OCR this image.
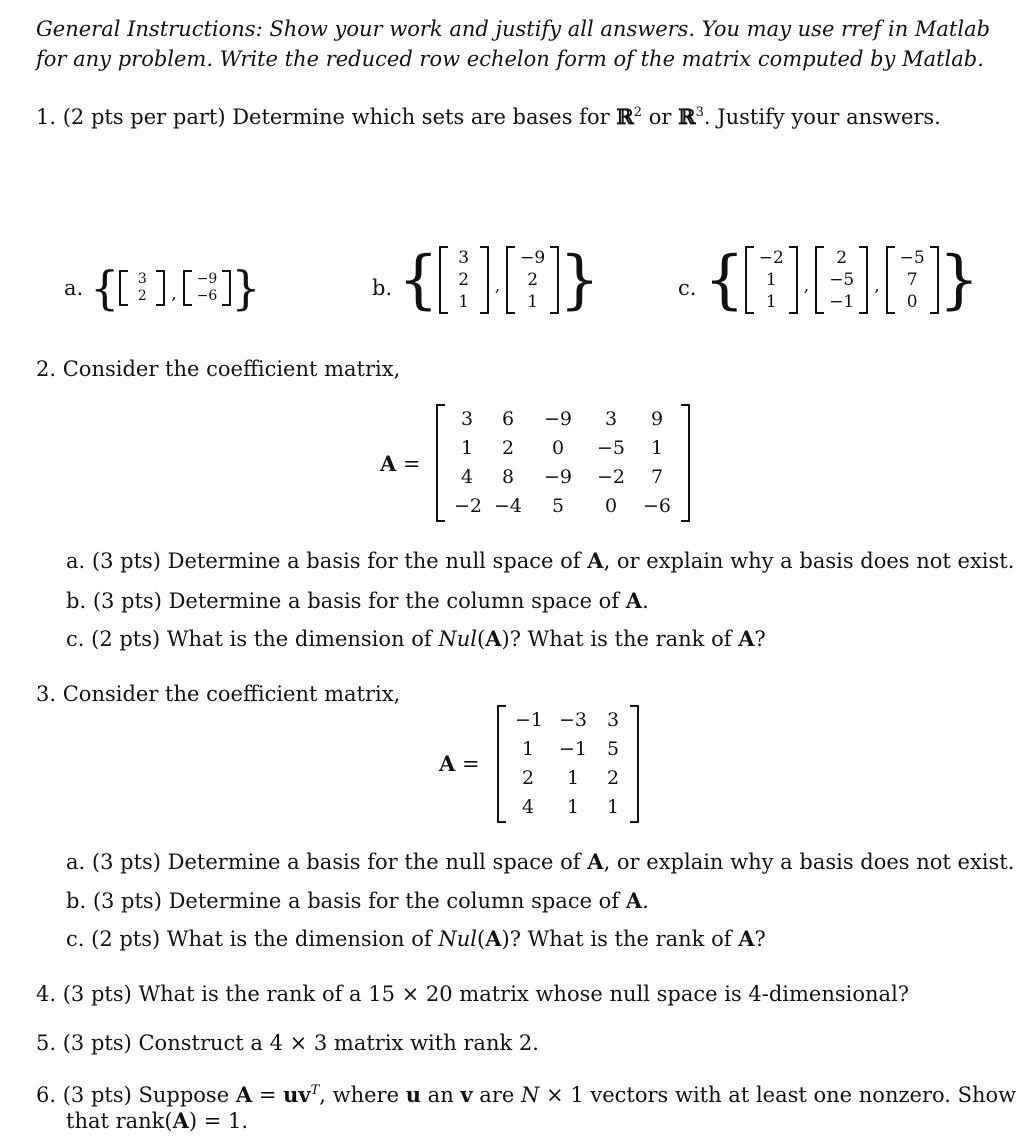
General Instructions: Show your work and justify all answers. You may use rref in Matlab for any problem. Write the reduced row echelon form of the matrix computed by Matlab.
1. (2 pts per part) Determine which sets are bases for ℝ$^2$ or ℝ$^3$. Justify your answers.
a. {	3
2	,
−9
−6 }	b. {	3
2
1
,
−9
2
1 }	c. { −2
1
1
,
2
−5
−1
,
−5
7
0 }
2. Consider the coefficient matrix,
A =
3	6	−9	3	9
1	2	0	−5	1
4	8	−9	−2	7
−2 −4	5	0	−6
a. (3 pts) Determine a basis for the null space of A, or explain why a basis does not exist.
b. (3 pts) Determine a basis for the column space of A.
c. (2 pts) What is the dimension of Nul(A)? What is the rank of A?
3. Consider the coefficient matrix,
A =
−1 −3	3
1	−1	5
2	1	2
4	1	1
a. (3 pts) Determine a basis for the null space of A, or explain why a basis does not exist.
b. (3 pts) Determine a basis for the column space of A.
c. (2 pts) What is the dimension of Nul(A)? What is the rank of A?
4. (3 pts) What is the rank of a 15 × 20 matrix whose null space is 4-dimensional?
5. (3 pts) Construct a 4 × 3 matrix with rank 2.
6. (3 pts) Suppose $A = uv^T$, where u an v are N × 1 vectors with at least one nonzero. Show
that rank(A) = 1.
